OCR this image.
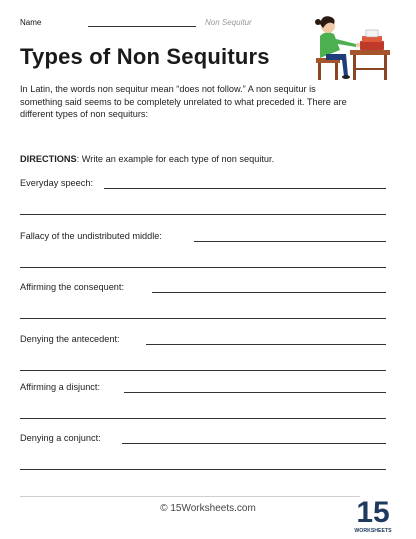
Name	Non Sequitur
Types of Non Sequiturs
In Latin, the words non sequitur mean “does not follow.” A non sequitur is something said seems to be completely unrelated to what preceded it. There are different types of non sequiturs:
DIRECTIONS: Write an example for each type of non sequitur.
Everyday speech:
Fallacy of the undistributed middle:
Affirming the consequent:
Denying the antecedent:
Affirming a disjunct:
Denying a conjunct:
© 15Worksheets.com	15
WORKSHEETS
